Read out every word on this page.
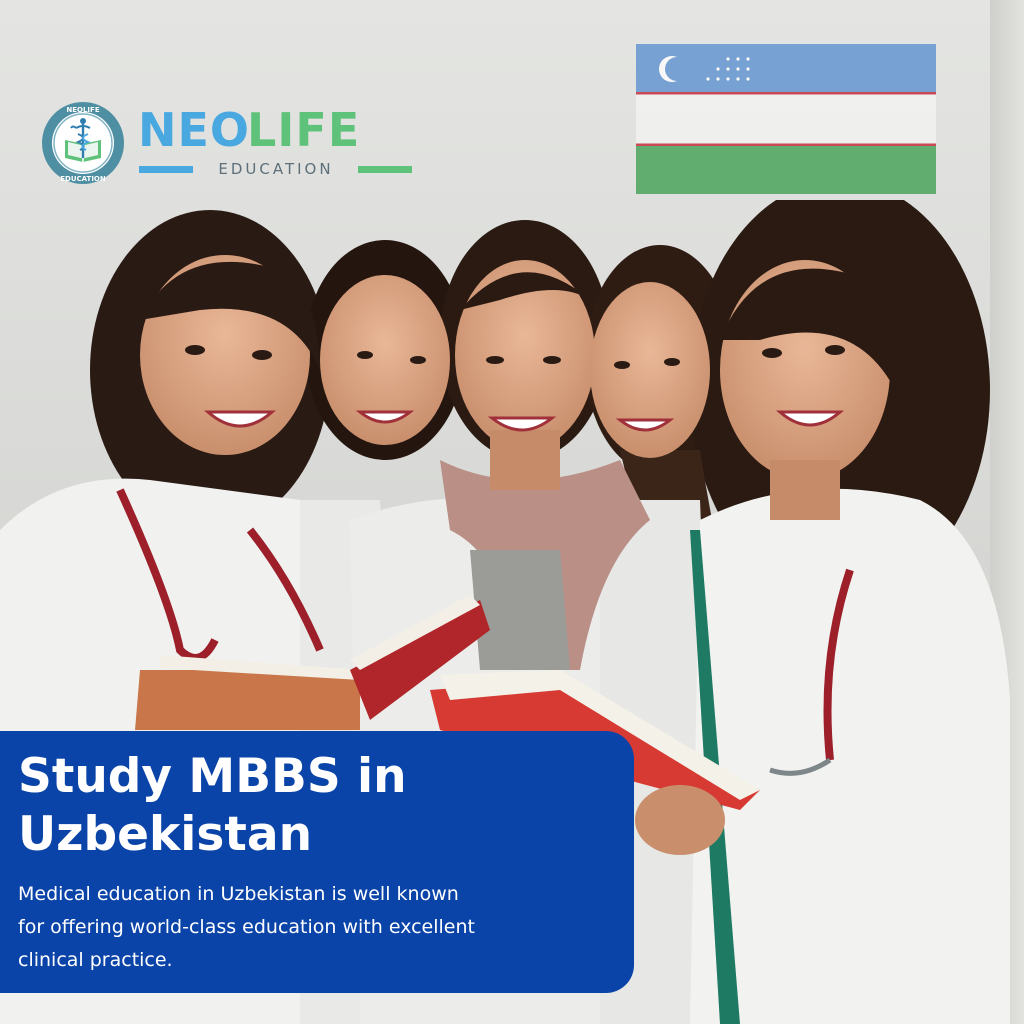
NEOLIFE
EDUCATION
NEO
LIFE
EDUCATION
Study MBBS in Uzbekistan

Medical education in Uzbekistan is well known for offering world-class education with excellent clinical practice.
